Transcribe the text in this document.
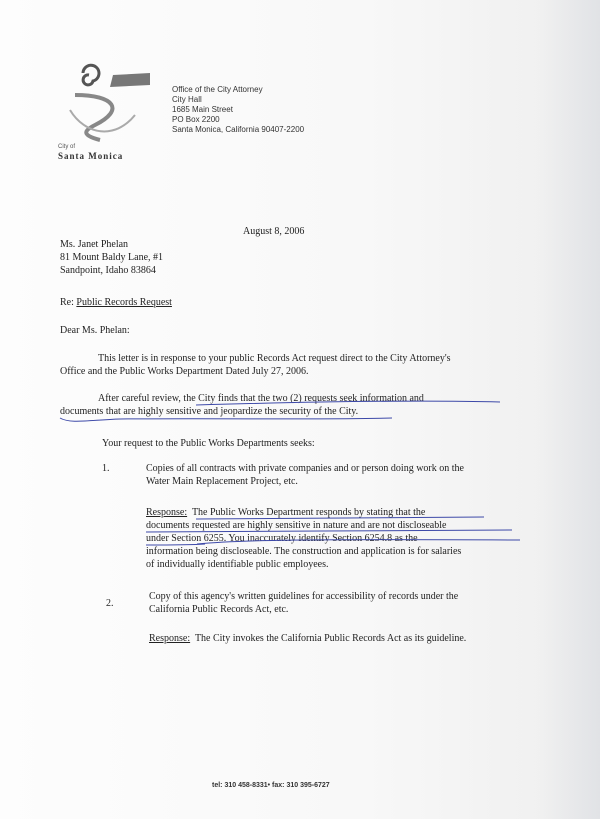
City of
Santa Monica
Office of the City Attorney
City Hall
1685 Main Street
PO Box 2200
Santa Monica, California 90407-2200
August 8, 2006
Ms. Janet Phelan
81 Mount Baldy Lane, #1
Sandpoint, Idaho 83864
Re: Public Records Request
Dear Ms. Phelan:
This letter is in response to your public Records Act request direct to the City Attorney's
Office and the Public Works Department Dated July 27, 2006.
After careful review, the City finds that the two (2) requests seek information and
documents that are highly sensitive and jeopardize the security of the City.
Your request to the Public Works Departments seeks:
1.	Copies of all contracts with private companies and or person doing work on the
Water Main Replacement Project, etc.
Response: The Public Works Department responds by stating that the
documents requested are highly sensitive in nature and are not discloseable
under Section 6255. You inaccurately identify Section 6254.8 as the
information being discloseable. The construction and application is for salaries
of individually identifiable public employees.
2.
Copy of this agency's written guidelines for accessibility of records under the
California Public Records Act, etc.
Response: The City invokes the California Public Records Act as its guideline.
tel: 310 458-8331• fax: 310 395-6727
